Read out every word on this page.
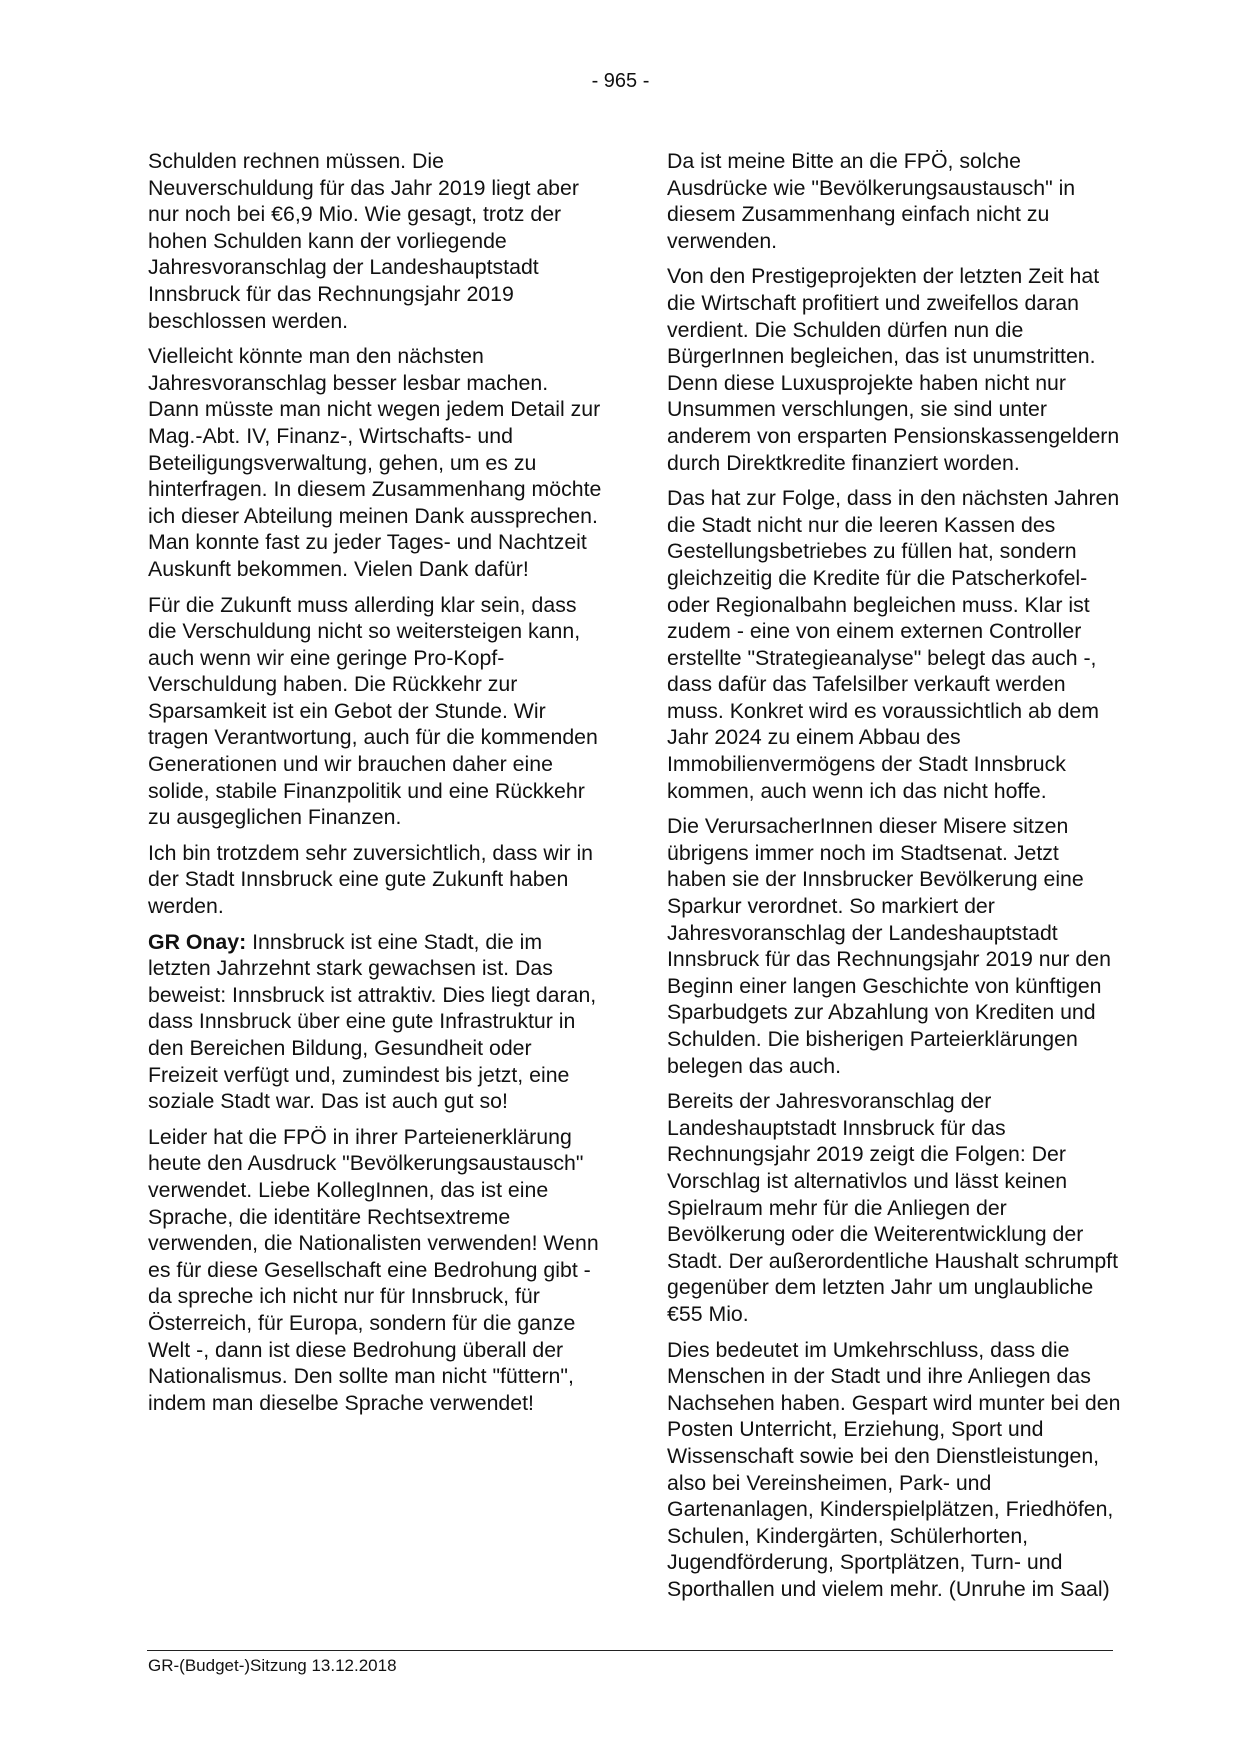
- 965 -

Schulden rechnen müssen. Die Neuverschuldung für das Jahr 2019 liegt aber nur noch bei €6,9 Mio. Wie gesagt, trotz der hohen Schulden kann der vorliegende Jahresvoranschlag der Landeshauptstadt Innsbruck für das Rechnungsjahr 2019 beschlossen werden.

Vielleicht könnte man den nächsten Jahresvoranschlag besser lesbar machen. Dann müsste man nicht wegen jedem Detail zur Mag.-Abt. IV, Finanz-, Wirtschafts- und Beteiligungsverwaltung, gehen, um es zu hinterfragen. In diesem Zusammenhang möchte ich dieser Abteilung meinen Dank aussprechen. Man konnte fast zu jeder Tages- und Nachtzeit Auskunft bekommen. Vielen Dank dafür!

Für die Zukunft muss allerding klar sein, dass die Verschuldung nicht so weitersteigen kann, auch wenn wir eine geringe Pro-Kopf-Verschuldung haben. Die Rückkehr zur Sparsamkeit ist ein Gebot der Stunde. Wir tragen Verantwortung, auch für die kommenden Generationen und wir brauchen daher eine solide, stabile Finanzpolitik und eine Rückkehr zu ausgeglichen Finanzen.

Ich bin trotzdem sehr zuversichtlich, dass wir in der Stadt Innsbruck eine gute Zukunft haben werden.

GR Onay: Innsbruck ist eine Stadt, die im letzten Jahrzehnt stark gewachsen ist. Das beweist: Innsbruck ist attraktiv. Dies liegt daran, dass Innsbruck über eine gute Infrastruktur in den Bereichen Bildung, Gesundheit oder Freizeit verfügt und, zumindest bis jetzt, eine soziale Stadt war. Das ist auch gut so!

Leider hat die FPÖ in ihrer Parteienerklärung heute den Ausdruck "Bevölkerungsaustausch" verwendet. Liebe KollegInnen, das ist eine Sprache, die identitäre Rechtsextreme verwenden, die Nationalisten verwenden! Wenn es für diese Gesellschaft eine Bedrohung gibt - da spreche ich nicht nur für Innsbruck, für Österreich, für Europa, sondern für die ganze Welt -, dann ist diese Bedrohung überall der Nationalismus. Den sollte man nicht "füttern", indem man dieselbe Sprache verwendet!

Da ist meine Bitte an die FPÖ, solche Ausdrücke wie "Bevölkerungsaustausch" in diesem Zusammenhang einfach nicht zu verwenden.

Von den Prestigeprojekten der letzten Zeit hat die Wirtschaft profitiert und zweifellos daran verdient. Die Schulden dürfen nun die BürgerInnen begleichen, das ist unumstritten. Denn diese Luxusprojekte haben nicht nur Unsummen verschlungen, sie sind unter anderem von ersparten Pensionskassengeldern durch Direktkredite finanziert worden.

Das hat zur Folge, dass in den nächsten Jahren die Stadt nicht nur die leeren Kassen des Gestellungsbetriebes zu füllen hat, sondern gleichzeitig die Kredite für die Patscherkofel- oder Regionalbahn begleichen muss. Klar ist zudem - eine von einem externen Controller erstellte "Strategieanalyse" belegt das auch -, dass dafür das Tafelsilber verkauft werden muss. Konkret wird es voraussichtlich ab dem Jahr 2024 zu einem Abbau des Immobilienvermögens der Stadt Innsbruck kommen, auch wenn ich das nicht hoffe.

Die VerursacherInnen dieser Misere sitzen übrigens immer noch im Stadtsenat. Jetzt haben sie der Innsbrucker Bevölkerung eine Sparkur verordnet. So markiert der Jahresvoranschlag der Landeshauptstadt Innsbruck für das Rechnungsjahr 2019 nur den Beginn einer langen Geschichte von künftigen Sparbudgets zur Abzahlung von Krediten und Schulden. Die bisherigen Parteierklärungen belegen das auch.

Bereits der Jahresvoranschlag der Landeshauptstadt Innsbruck für das Rechnungsjahr 2019 zeigt die Folgen: Der Vorschlag ist alternativlos und lässt keinen Spielraum mehr für die Anliegen der Bevölkerung oder die Weiterentwicklung der Stadt. Der außerordentliche Haushalt schrumpft gegenüber dem letzten Jahr um unglaubliche €55 Mio.

Dies bedeutet im Umkehrschluss, dass die Menschen in der Stadt und ihre Anliegen das Nachsehen haben. Gespart wird munter bei den Posten Unterricht, Erziehung, Sport und Wissenschaft sowie bei den Dienstleistungen, also bei Vereinsheimen, Park- und Gartenanlagen, Kinderspielplätzen, Friedhöfen, Schulen, Kindergärten, Schülerhorten, Jugendförderung, Sportplätzen, Turn- und Sporthallen und vielem mehr. (Unruhe im Saal)

GR-(Budget-)Sitzung 13.12.2018
